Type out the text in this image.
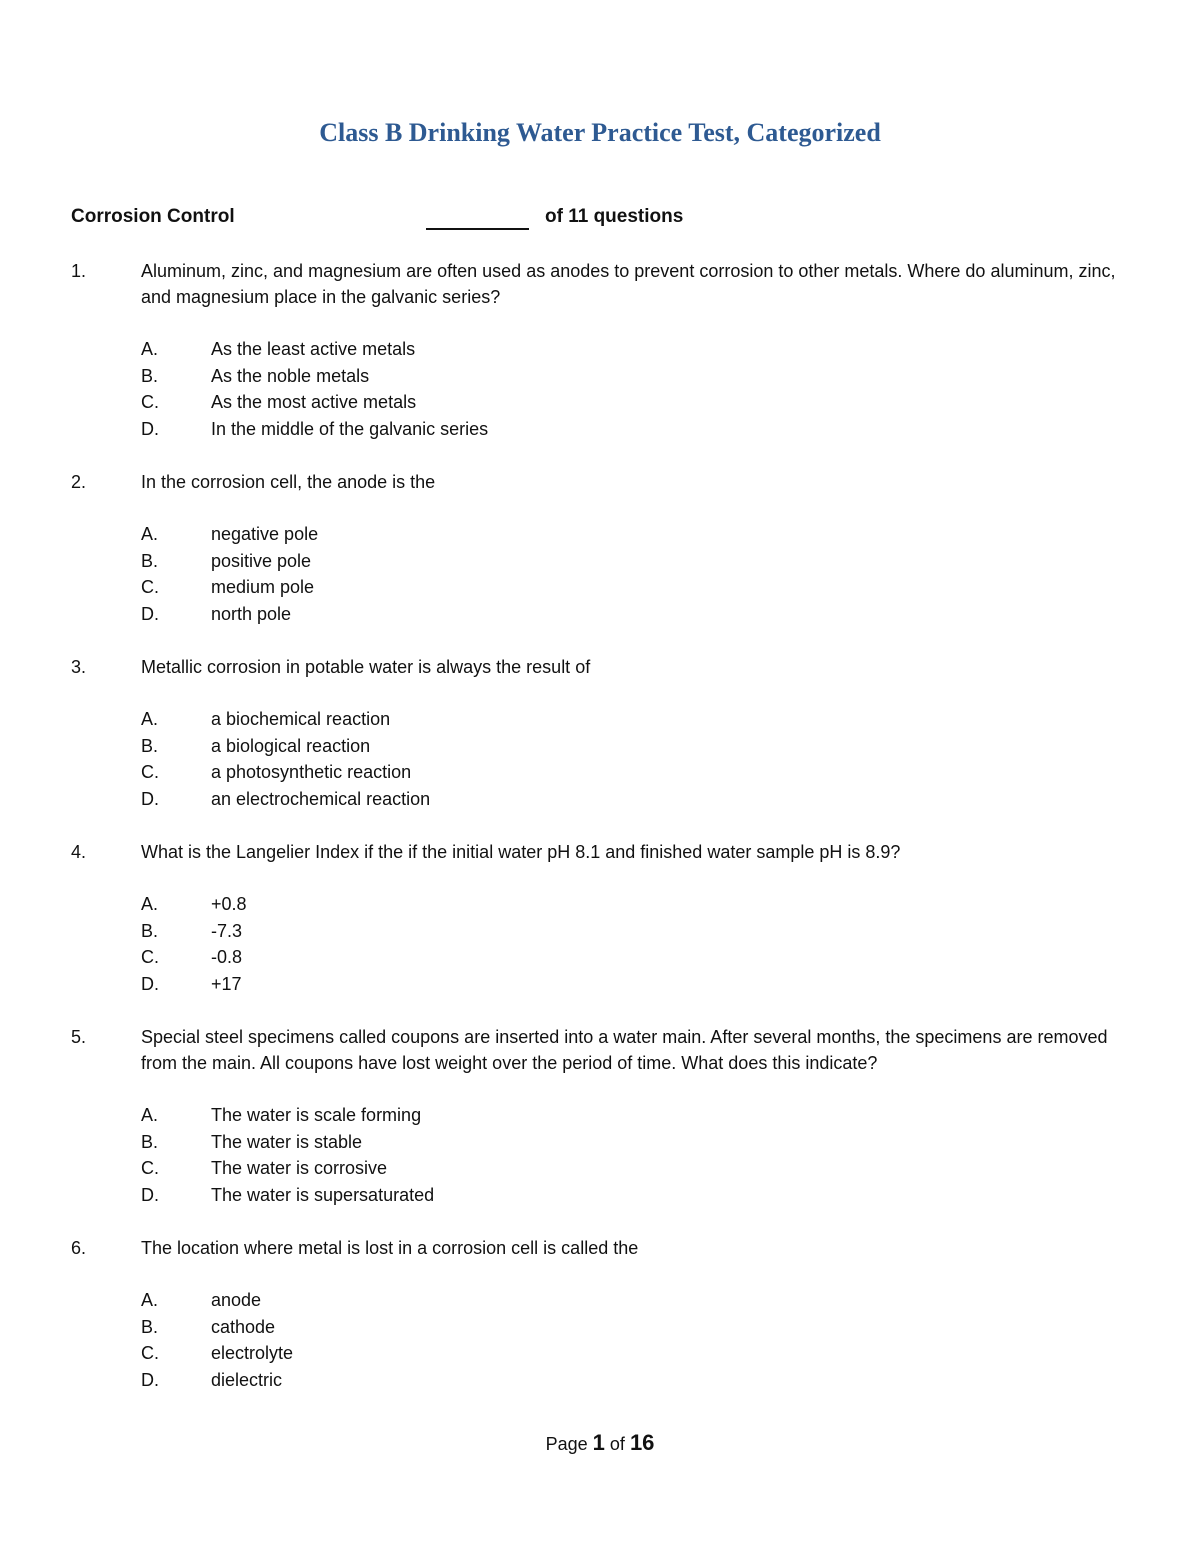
Class B Drinking Water Practice Test, Categorized
Corrosion Control	of 11 questions
1.	Aluminum, zinc, and magnesium are often used as anodes to prevent corrosion to other metals. Where do aluminum, zinc, and magnesium place in the galvanic series?
A.	As the least active metals
B.	As the noble metals
C.	As the most active metals
D.	In the middle of the galvanic series
2.	In the corrosion cell, the anode is the
A.	negative pole
B.	positive pole
C.	medium pole
D.	north pole
3.	Metallic corrosion in potable water is always the result of
A.	a biochemical reaction
B.	a biological reaction
C.	a photosynthetic reaction
D.	an electrochemical reaction
4.	What is the Langelier Index if the if the initial water pH 8.1 and finished water sample pH is 8.9?
A.	+0.8
B.	-7.3
C.	-0.8
D.	+17
5.	Special steel specimens called coupons are inserted into a water main. After several months, the specimens are removed from the main. All coupons have lost weight over the period of time. What does this indicate?
A.	The water is scale forming
B.	The water is stable
C.	The water is corrosive
D.	The water is supersaturated
6.	The location where metal is lost in a corrosion cell is called the
A.	anode
B.	cathode
C.	electrolyte
D.	dielectric
Page 1 of 16
